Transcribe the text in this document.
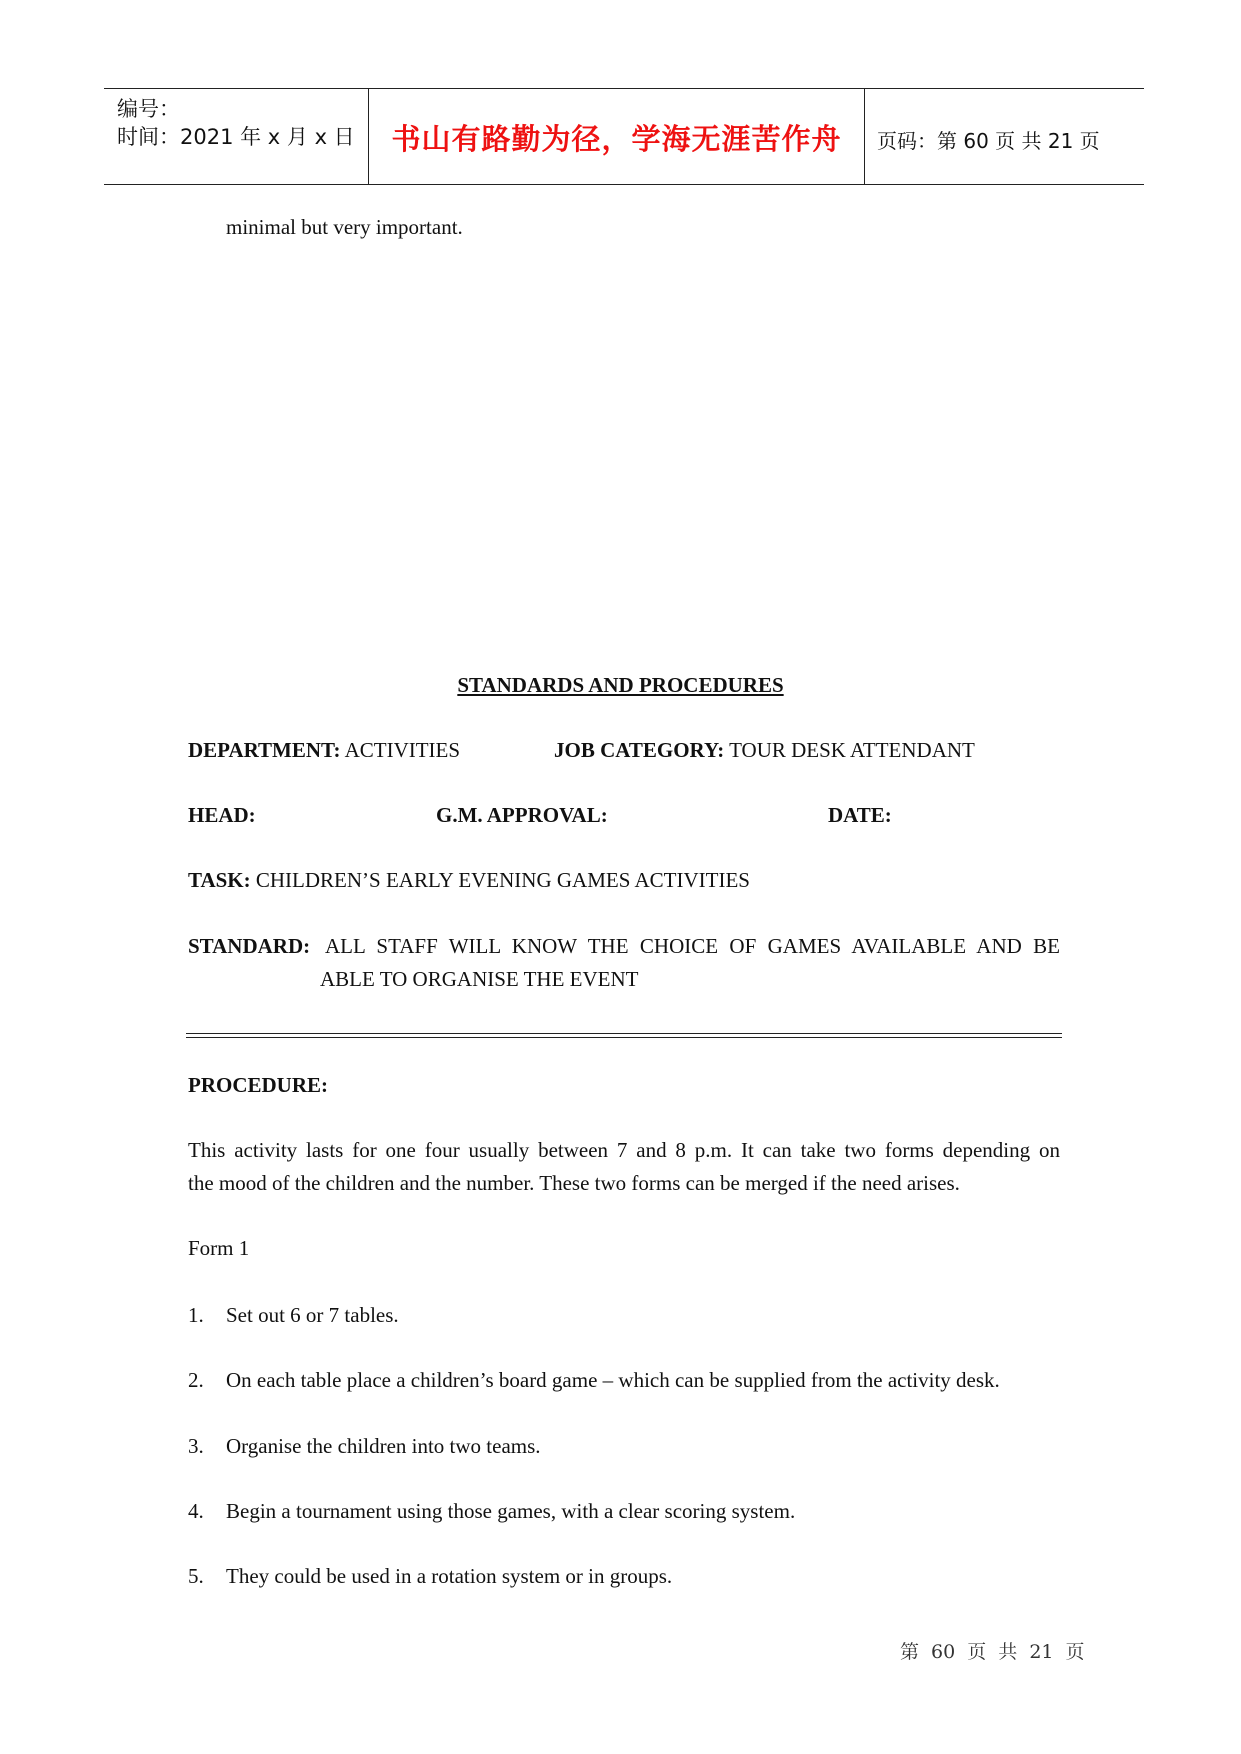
编号：
时间：2021 年 x 月 x 日	书山有路勤为径，学海无涯苦作舟	页码：第 60 页 共 21 页
minimal but very important.
STANDARDS AND PROCEDURES
DEPARTMENT: ACTIVITIES	JOB CATEGORY: TOUR DESK ATTENDANT
HEAD:	G.M. APPROVAL:	DATE:
TASK: CHILDREN’S EARLY EVENING GAMES ACTIVITIES
STANDARD: ALL STAFF WILL KNOW THE CHOICE OF GAMES AVAILABLE AND BE
ABLE TO ORGANISE THE EVENT
PROCEDURE:
This activity lasts for one four usually between 7 and 8 p.m. It can take two forms depending on
the mood of the children and the number. These two forms can be merged if the need arises.
Form 1
1. Set out 6 or 7 tables.
2. On each table place a children’s board game – which can be supplied from the activity desk.
3. Organise the children into two teams.
4. Begin a tournament using those games, with a clear scoring system.
5. They could be used in a rotation system or in groups.
第 60 页 共 21 页
